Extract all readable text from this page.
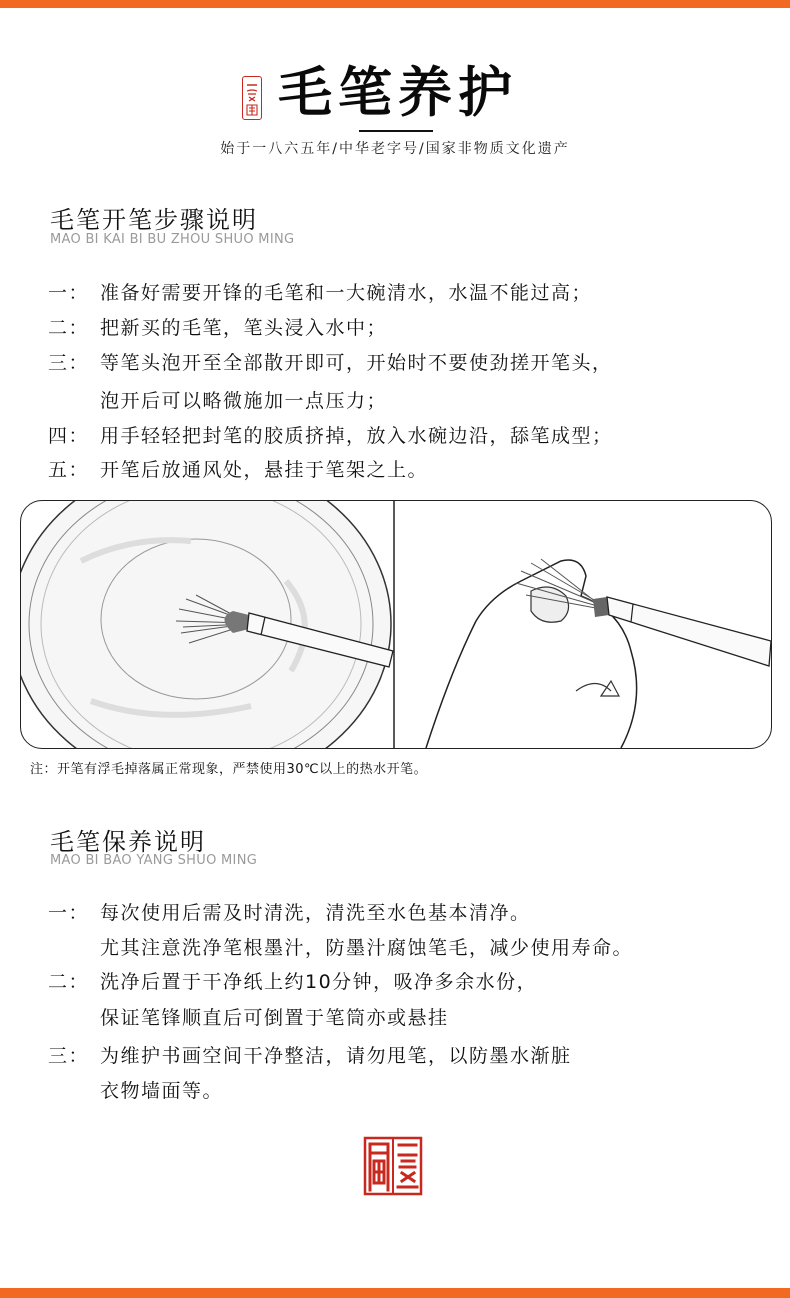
毛笔养护
始于一八六五年/中华老字号/国家非物质文化遗产
毛笔开笔步骤说明
MAO BI KAI BI BU ZHOU SHUO MING
一： 准备好需要开锋的毛笔和一大碗清水，水温不能过高；
二： 把新买的毛笔，笔头浸入水中；
三： 等笔头泡开至全部散开即可，开始时不要使劲搓开笔头，
泡开后可以略微施加一点压力；
四： 用手轻轻把封笔的胶质挤掉，放入水碗边沿，舔笔成型；
五： 开笔后放通风处，悬挂于笔架之上。
注：开笔有浮毛掉落属正常现象，严禁使用30℃以上的热水开笔。
毛笔保养说明
MAO BI BAO YANG SHUO MING
一： 每次使用后需及时清洗，清洗至水色基本清净。
尤其注意洗净笔根墨汁，防墨汁腐蚀笔毛，减少使用寿命。
二： 洗净后置于干净纸上约10分钟，吸净多余水份，
保证笔锋顺直后可倒置于笔筒亦或悬挂
三： 为维护书画空间干净整洁，请勿甩笔，以防墨水渐脏
衣物墙面等。
